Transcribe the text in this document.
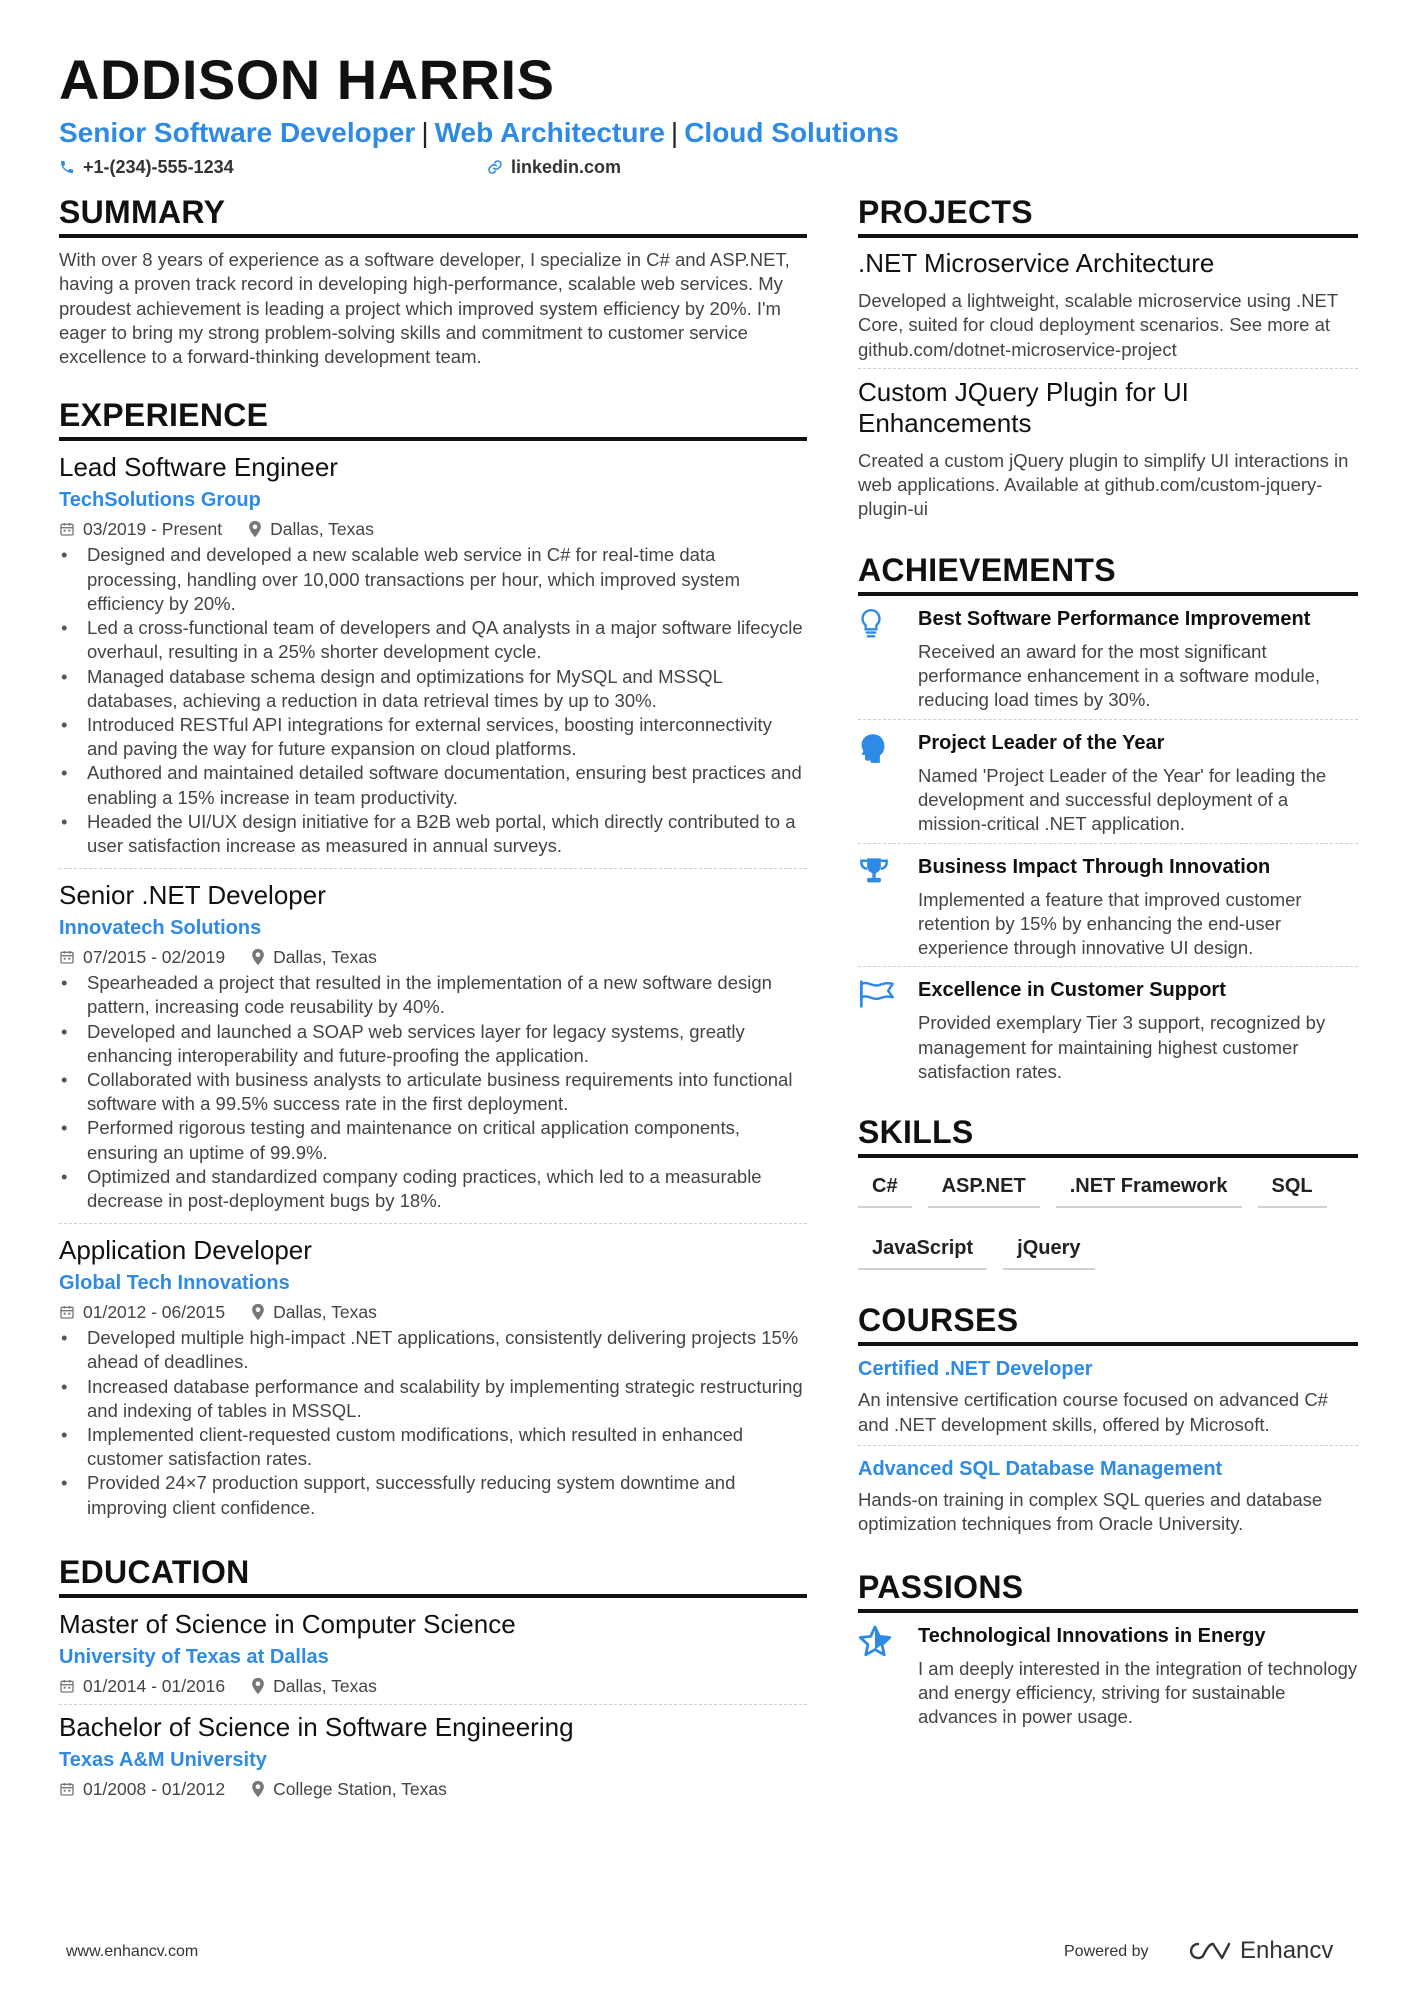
ADDISON HARRIS
Senior Software Developer | Web Architecture | Cloud Solutions
+1-(234)-555-1234	linkedin.com
SUMMARY
With over 8 years of experience as a software developer, I specialize in C# and ASP.NET, having a proven track record in developing high-performance, scalable web services. My proudest achievement is leading a project which improved system efficiency by 20%. I'm eager to bring my strong problem-solving skills and commitment to customer service excellence to a forward-thinking development team.
EXPERIENCE
Lead Software Engineer
TechSolutions Group
03/2019 - Present	Dallas, Texas
• Designed and developed a new scalable web service in C# for real-time data processing, handling over 10,000 transactions per hour, which improved system efficiency by 20%.
• Led a cross-functional team of developers and QA analysts in a major software lifecycle overhaul, resulting in a 25% shorter development cycle.
• Managed database schema design and optimizations for MySQL and MSSQL databases, achieving a reduction in data retrieval times by up to 30%.
• Introduced RESTful API integrations for external services, boosting interconnectivity and paving the way for future expansion on cloud platforms.
• Authored and maintained detailed software documentation, ensuring best practices and enabling a 15% increase in team productivity.
• Headed the UI/UX design initiative for a B2B web portal, which directly contributed to a user satisfaction increase as measured in annual surveys.
Senior .NET Developer
Innovatech Solutions
07/2015 - 02/2019	Dallas, Texas
• Spearheaded a project that resulted in the implementation of a new software design pattern, increasing code reusability by 40%.
• Developed and launched a SOAP web services layer for legacy systems, greatly enhancing interoperability and future-proofing the application.
• Collaborated with business analysts to articulate business requirements into functional software with a 99.5% success rate in the first deployment.
• Performed rigorous testing and maintenance on critical application components, ensuring an uptime of 99.9%.
• Optimized and standardized company coding practices, which led to a measurable decrease in post-deployment bugs by 18%.
Application Developer
Global Tech Innovations
01/2012 - 06/2015	Dallas, Texas
• Developed multiple high-impact .NET applications, consistently delivering projects 15% ahead of deadlines.
• Increased database performance and scalability by implementing strategic restructuring and indexing of tables in MSSQL.
• Implemented client-requested custom modifications, which resulted in enhanced customer satisfaction rates.
• Provided 24×7 production support, successfully reducing system downtime and improving client confidence.
EDUCATION
Master of Science in Computer Science
University of Texas at Dallas
01/2014 - 01/2016	Dallas, Texas
Bachelor of Science in Software Engineering
Texas A&M University
01/2008 - 01/2012	College Station, Texas
PROJECTS
.NET Microservice Architecture
Developed a lightweight, scalable microservice using .NET Core, suited for cloud deployment scenarios. See more at github.com/dotnet-microservice-project
Custom JQuery Plugin for UI Enhancements
Created a custom jQuery plugin to simplify UI interactions in web applications. Available at github.com/custom-jquery-plugin-ui
ACHIEVEMENTS
Best Software Performance Improvement
Received an award for the most significant performance enhancement in a software module, reducing load times by 30%.
Project Leader of the Year
Named 'Project Leader of the Year' for leading the development and successful deployment of a mission-critical .NET application.
Business Impact Through Innovation
Implemented a feature that improved customer retention by 15% by enhancing the end-user experience through innovative UI design.
Excellence in Customer Support
Provided exemplary Tier 3 support, recognized by management for maintaining highest customer satisfaction rates.
SKILLS
C#	ASP.NET	.NET Framework	SQL
JavaScript	jQuery
COURSES
Certified .NET Developer
An intensive certification course focused on advanced C# and .NET development skills, offered by Microsoft.
Advanced SQL Database Management
Hands-on training in complex SQL queries and database optimization techniques from Oracle University.
PASSIONS
Technological Innovations in Energy
I am deeply interested in the integration of technology and energy efficiency, striving for sustainable advances in power usage.
www.enhancv.com	Powered by	Enhancv
